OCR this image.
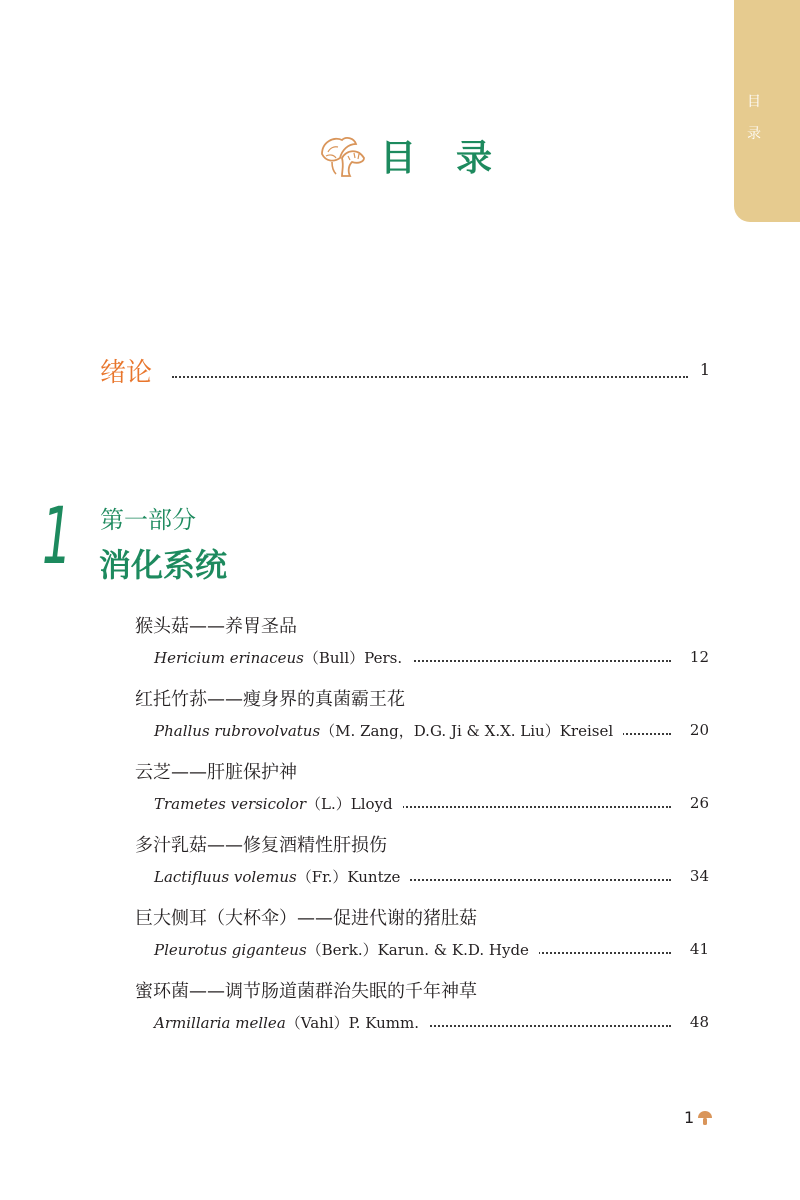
目 录
目录
绪论	1
1 第一部分
消化系统
猴头菇——养胃圣品
Hericium erinaceus（Bull）Pers.	12
红托竹荪——瘦身界的真菌霸王花
Phallus rubrovolvatus（M. Zang，D.G. Ji & X.X. Liu）Kreisel	20
云芝——肝脏保护神
Trametes versicolor（L.）Lloyd	26
多汁乳菇——修复酒精性肝损伤
Lactifluus volemus（Fr.）Kuntze	34
巨大侧耳（大杯伞）——促进代谢的猪肚菇
Pleurotus giganteus（Berk.）Karun. & K.D. Hyde	41
蜜环菌——调节肠道菌群治失眠的千年神草
Armillaria mellea（Vahl）P. Kumm.	48
1
